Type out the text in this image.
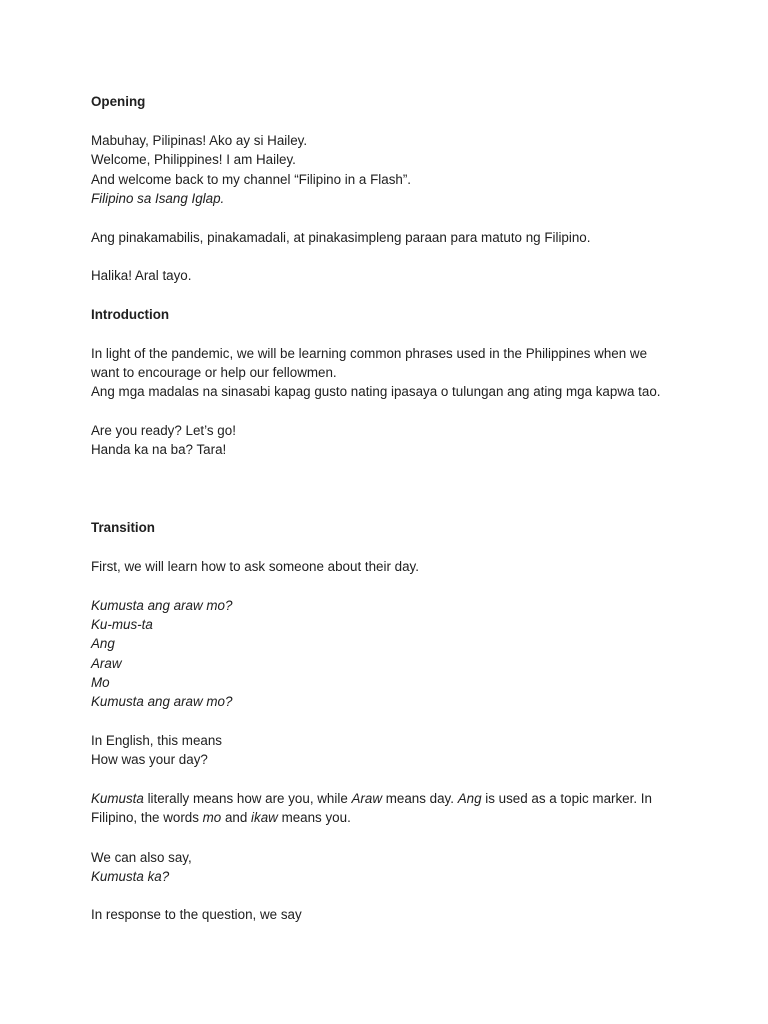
Opening
Mabuhay, Pilipinas! Ako ay si Hailey.
Welcome, Philippines! I am Hailey.
And welcome back to my channel “Filipino in a Flash”.
Filipino sa Isang Iglap.
Ang pinakamabilis, pinakamadali, at pinakasimpleng paraan para matuto ng Filipino.
Halika! Aral tayo.
Introduction
In light of the pandemic, we will be learning common phrases used in the Philippines when we
want to encourage or help our fellowmen.
Ang mga madalas na sinasabi kapag gusto nating ipasaya o tulungan ang ating mga kapwa tao.
Are you ready? Let’s go!
Handa ka na ba? Tara!
Transition
First, we will learn how to ask someone about their day.
Kumusta ang araw mo?
Ku-mus-ta
Ang
Araw
Mo
Kumusta ang araw mo?
In English, this means
How was your day?
Kumusta literally means how are you, while Araw means day. Ang is used as a topic marker. In
Filipino, the words mo and ikaw means you.
We can also say,
Kumusta ka?
In response to the question, we say
